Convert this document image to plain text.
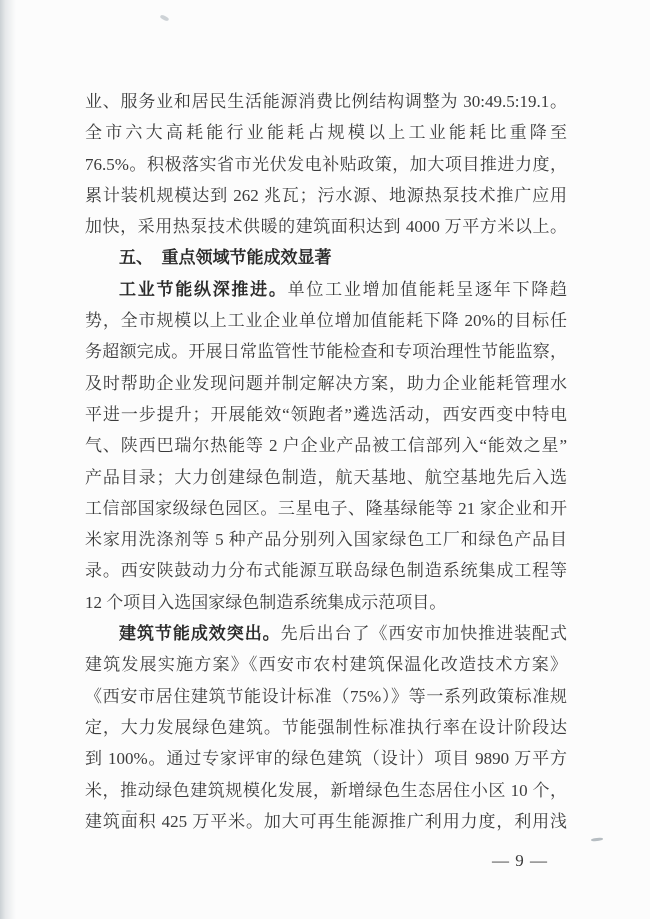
业、服务业和居民生活能源消费比例结构调整为 30:49.5:19.1。
全市六大高耗能行业能耗占规模以上工业能耗比重降至
76.5%。积极落实省市光伏发电补贴政策，加大项目推进力度，
累计装机规模达到 262 兆瓦；污水源、地源热泵技术推广应用
加快，采用热泵技术供暖的建筑面积达到 4000 万平方米以上。
五、　重点领域节能成效显著
工业节能纵深推进。单位工业增加值能耗呈逐年下降趋
势，全市规模以上工业企业单位增加值能耗下降 20%的目标任
务超额完成。开展日常监管性节能检查和专项治理性节能监察，
及时帮助企业发现问题并制定解决方案，助力企业能耗管理水
平进一步提升；开展能效“领跑者”遴选活动，西安西变中特电
气、陕西巴瑞尔热能等 2 户企业产品被工信部列入“能效之星”
产品目录；大力创建绿色制造，航天基地、航空基地先后入选
工信部国家级绿色园区。三星电子、隆基绿能等 21 家企业和开
米家用洗涤剂等 5 种产品分别列入国家绿色工厂和绿色产品目
录。西安陕鼓动力分布式能源互联岛绿色制造系统集成工程等
12 个项目入选国家绿色制造系统集成示范项目。
建筑节能成效突出。先后出台了《西安市加快推进装配式
建筑发展实施方案》《西安市农村建筑保温化改造技术方案》
《西安市居住建筑节能设计标准（75%）》等一系列政策标准规
定，大力发展绿色建筑。节能强制性标准执行率在设计阶段达
到 100%。通过专家评审的绿色建筑（设计）项目 9890 万平方
米，推动绿色建筑规模化发展，新增绿色生态居住小区 10 个，
建筑面积 425 万平米。加大可再生能源推广利用力度，利用浅
— 9 —
